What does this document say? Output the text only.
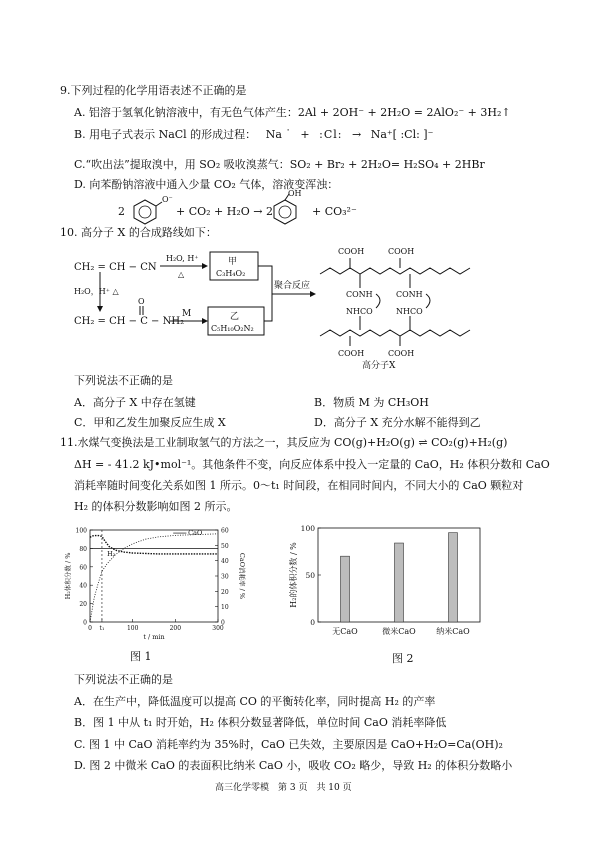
9.下列过程的化学用语表述不正确的是
A. 铝溶于氢氧化钠溶液中，有无色气体产生：2Al + 2OH⁻ + 2H₂O = 2AlO₂⁻ + 3H₂↑
B. 用电子式表示 NaCl 的形成过程： Na ˙ + :Cl: → Na⁺[ :Cl: ]⁻
C.“吹出法”提取溴中，用 SO₂ 吸收溴蒸气：SO₂ + Br₂ + 2H₂O= H₂SO₄ + 2HBr
D. 向苯酚钠溶液中通入少量 CO₂ 气体，溶液变浑浊：
2
O⁻
+ CO₂ + H₂O → 2
OH
+ CO₃²⁻
10. 高分子 X 的合成路线如下：
CH₂ = CH − CN
H₂O, H⁺
△
甲
C₃H₄O₂
H₂O，H⁺ △
CH₂ = CH − C − NH₂
O
M	乙
C₅H₁₀O₂N₂
聚合反应
COOH	COOH
CONH	CONH
NHCO	NHCO
COOH	COOH
高分子X
下列说法不正确的是
A．高分子 X 中存在氢键	B．物质 M 为 CH₃OH
C．甲和乙发生加聚反应生成 X	D．高分子 X 充分水解不能得到乙
11.水煤气变换法是工业制取氢气的方法之一，其反应为 CO(g)+H₂O(g) ⇌ CO₂(g)+H₂(g)
ΔH = - 41.2 kJ•mol⁻¹。其他条件不变，向反应体系中投入一定量的 CaO，H₂ 体积分数和 CaO
消耗率随时间变化关系如图 1 所示。0～t₁ 时间段，在相同时间内，不同大小的 CaO 颗粒对
H₂ 的体积分数影响如图 2 所示。
0
20
40
60
80
100
0
10
20
30
40
50
60
0 t₁	100	200	300
t / min
H₂体积分数 / %	CaO消耗率 / %
H₂
CaO
图 1
0
50
100
H₂的体积分数 / %
无CaO	微米CaO	纳米CaO
图 2
下列说法不正确的是
A．在生产中，降低温度可以提高 CO 的平衡转化率，同时提高 H₂ 的产率
B．图 1 中从 t₁ 时开始，H₂ 体积分数显著降低，单位时间 CaO 消耗率降低
C. 图 1 中 CaO 消耗率约为 35%时，CaO 已失效，主要原因是 CaO+H₂O=Ca(OH)₂
D. 图 2 中微米 CaO 的表面积比纳米 CaO 小，吸收 CO₂ 略少，导致 H₂ 的体积分数略小
高三化学零模　第 3 页　共 10 页
